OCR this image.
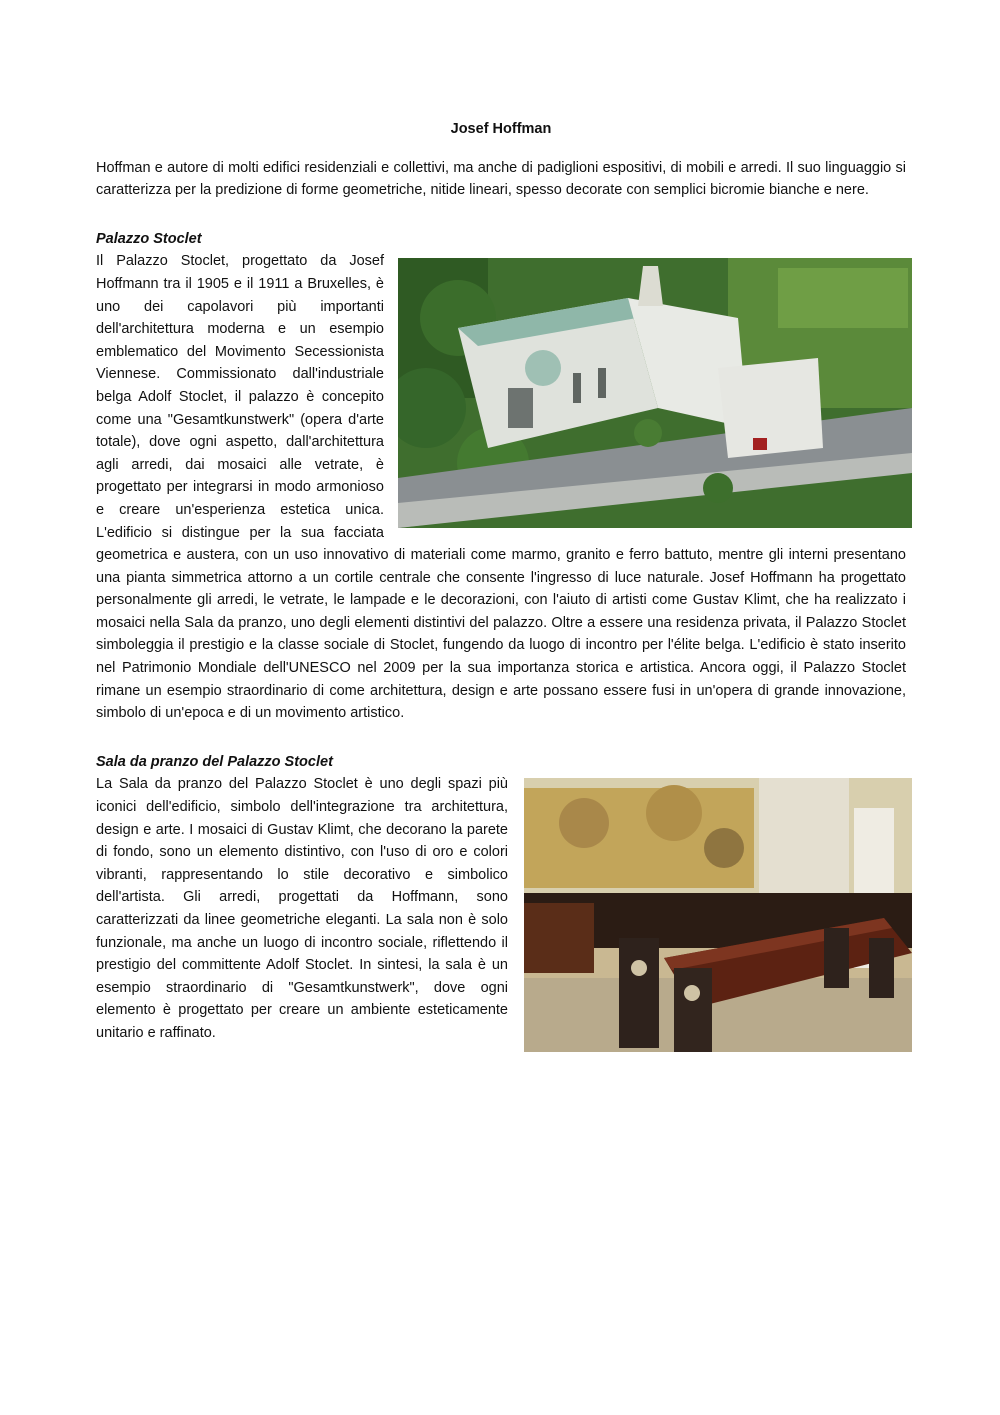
Josef Hoffman

Hoffman e autore di molti edifici residenziali e collettivi, ma anche di padiglioni espositivi, di mobili e arredi. Il suo linguaggio si caratterizza per la predizione di forme geometriche, nitide lineari, spesso decorate con semplici bicromie bianche e nere.

Palazzo Stoclet

Il Palazzo Stoclet, progettato da Josef Hoffmann tra il 1905 e il 1911 a Bruxelles, è uno dei capolavori più importanti dell'architettura moderna e un esempio emblematico del Movimento Secessionista Viennese. Commissionato dall'industriale belga Adolf Stoclet, il palazzo è concepito come una "Gesamtkunstwerk" (opera d'arte totale), dove ogni aspetto, dall'architettura agli arredi, dai mosaici alle vetrate, è progettato per integrarsi in modo armonioso e creare un'esperienza estetica unica. L'edificio si distingue per la sua facciata geometrica e austera, con un uso innovativo di materiali come marmo, granito e ferro battuto, mentre gli interni presentano una pianta simmetrica attorno a un cortile centrale che consente l'ingresso di luce naturale. Josef Hoffmann ha progettato personalmente gli arredi, le vetrate, le lampade e le decorazioni, con l'aiuto di artisti come Gustav Klimt, che ha realizzato i mosaici nella Sala da pranzo, uno degli elementi distintivi del palazzo. Oltre a essere una residenza privata, il Palazzo Stoclet simboleggia il prestigio e la classe sociale di Stoclet, fungendo da luogo di incontro per l'élite belga. L'edificio è stato inserito nel Patrimonio Mondiale dell'UNESCO nel 2009 per la sua importanza storica e artistica. Ancora oggi, il Palazzo Stoclet rimane un esempio straordinario di come architettura, design e arte possano essere fusi in un'opera di grande innovazione, simbolo di un'epoca e di un movimento artistico.

Sala da pranzo del Palazzo Stoclet

La Sala da pranzo del Palazzo Stoclet è uno degli spazi più iconici dell'edificio, simbolo dell'integrazione tra architettura, design e arte. I mosaici di Gustav Klimt, che decorano la parete di fondo, sono un elemento distintivo, con l'uso di oro e colori vibranti, rappresentando lo stile decorativo e simbolico dell'artista. Gli arredi, progettati da Hoffmann, sono caratterizzati da linee geometriche eleganti. La sala non è solo funzionale, ma anche un luogo di incontro sociale, riflettendo il prestigio del committente Adolf Stoclet. In sintesi, la sala è un esempio straordinario di "Gesamtkunstwerk", dove ogni elemento è progettato per creare un ambiente esteticamente unitario e raffinato.
